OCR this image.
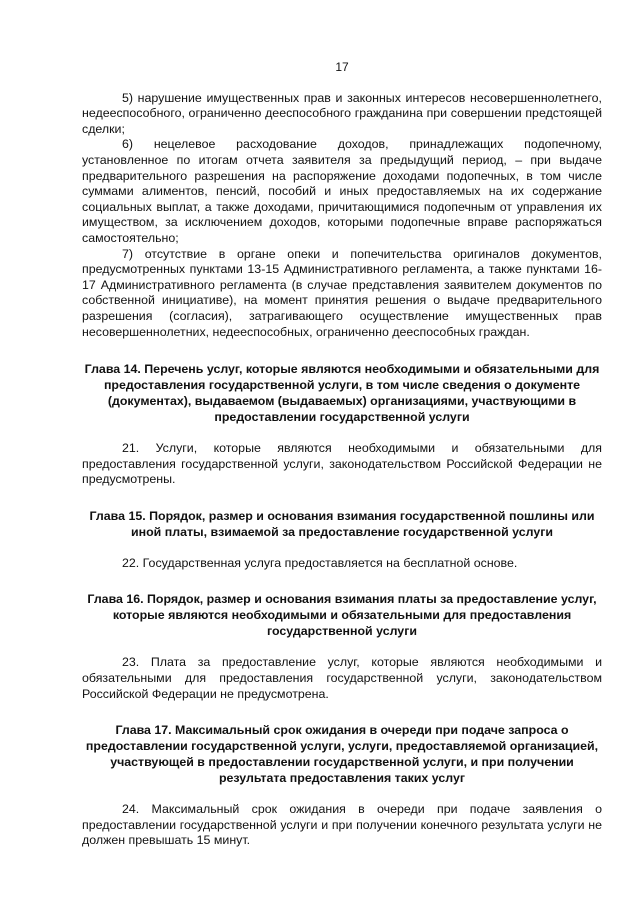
17

5) нарушение имущественных прав и законных интересов несовершеннолетнего, недееспособного, ограниченно дееспособного гражданина при совершении предстоящей сделки;

6) нецелевое расходование доходов, принадлежащих подопечному, установленное по итогам отчета заявителя за предыдущий период, – при выдаче предварительного разрешения на распоряжение доходами подопечных, в том числе суммами алиментов, пенсий, пособий и иных предоставляемых на их содержание социальных выплат, а также доходами, причитающимися подопечным от управления их имуществом, за исключением доходов, которыми подопечные вправе распоряжаться самостоятельно;

7) отсутствие в органе опеки и попечительства оригиналов документов, предусмотренных пунктами 13-15 Административного регламента, а также пунктами 16-17 Административного регламента (в случае представления заявителем документов по собственной инициативе), на момент принятия решения о выдаче предварительного разрешения (согласия), затрагивающего осуществление имущественных прав несовершеннолетних, недееспособных, ограниченно дееспособных граждан.

Глава 14. Перечень услуг, которые являются необходимыми и обязательными для предоставления государственной услуги, в том числе сведения о документе (документах), выдаваемом (выдаваемых) организациями, участвующими в предоставлении государственной услуги

21. Услуги, которые являются необходимыми и обязательными для предоставления государственной услуги, законодательством Российской Федерации не предусмотрены.

Глава 15. Порядок, размер и основания взимания государственной пошлины или иной платы, взимаемой за предоставление государственной услуги

22. Государственная услуга предоставляется на бесплатной основе.

Глава 16. Порядок, размер и основания взимания платы за предоставление услуг, которые являются необходимыми и обязательными для предоставления государственной услуги

23. Плата за предоставление услуг, которые являются необходимыми и обязательными для предоставления государственной услуги, законодательством Российской Федерации не предусмотрена.

Глава 17. Максимальный срок ожидания в очереди при подаче запроса о предоставлении государственной услуги, услуги, предоставляемой организацией, участвующей в предоставлении государственной услуги, и при получении результата предоставления таких услуг

24. Максимальный срок ожидания в очереди при подаче заявления о предоставлении государственной услуги и при получении конечного результата услуги не должен превышать 15 минут.
